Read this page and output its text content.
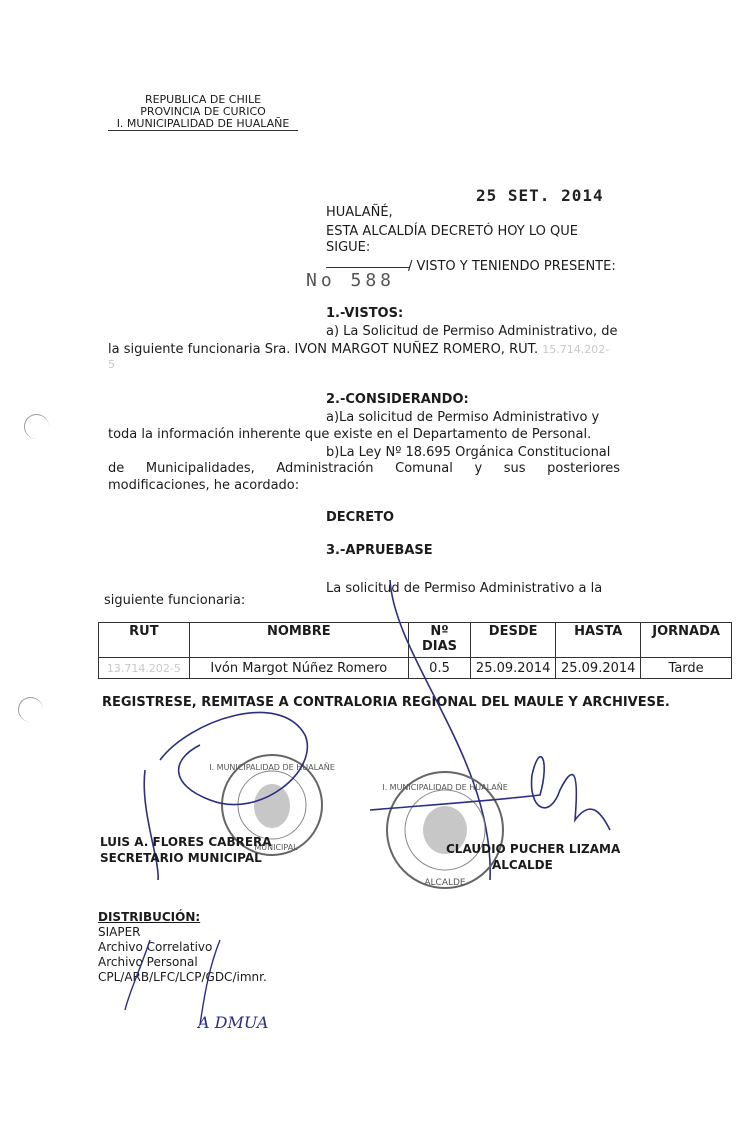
REPUBLICA DE CHILE
PROVINCIA DE CURICO
I. MUNICIPALIDAD DE HUALAÑE
25 SET. 2014
HUALAÑÉ,
ESTA ALCALDÍA DECRETÓ HOY LO QUE
SIGUE:
/ VISTO Y TENIENDO PRESENTE:
No 588
1.-VISTOS:
a) La Solicitud de Permiso Administrativo, de
la siguiente funcionaria Sra. IVON MARGOT NUÑEZ ROMERO, RUT. 15.714.202-
5
2.-CONSIDERANDO:
a)La solicitud de Permiso Administrativo y
toda la información inherente que existe en el Departamento de Personal.
b)La Ley Nº 18.695 Orgánica Constitucional
de Municipalidades, Administración Comunal y sus posteriores
modificaciones, he acordado:
DECRETO
3.-APRUEBASE
La solicitud de Permiso Administrativo a la
siguiente funcionaria:
RUT	NOMBRE	Nº DIAS	DESDE	HASTA	JORNADA
13.714.202-5	Ivón Margot Núñez Romero	0.5	25.09.2014	25.09.2014	Tarde
REGISTRESE, REMITASE A CONTRALORIA REGIONAL DEL MAULE Y ARCHIVESE.
I. MUNICIPALIDAD DE HUALAÑE
MUNICIPAL
I. MUNICIPALIDAD DE HUALAÑE
ALCALDE
LUIS A. FLORES CABRERA
SECRETARIO MUNICIPAL
CLAUDIO PUCHER LIZAMA
ALCALDE
DISTRIBUCIÓN:
SIAPER
Archivo Correlativo
Archivo Personal
CPL/ARB/LFC/LCP/GDC/imnr.
A DMUA
